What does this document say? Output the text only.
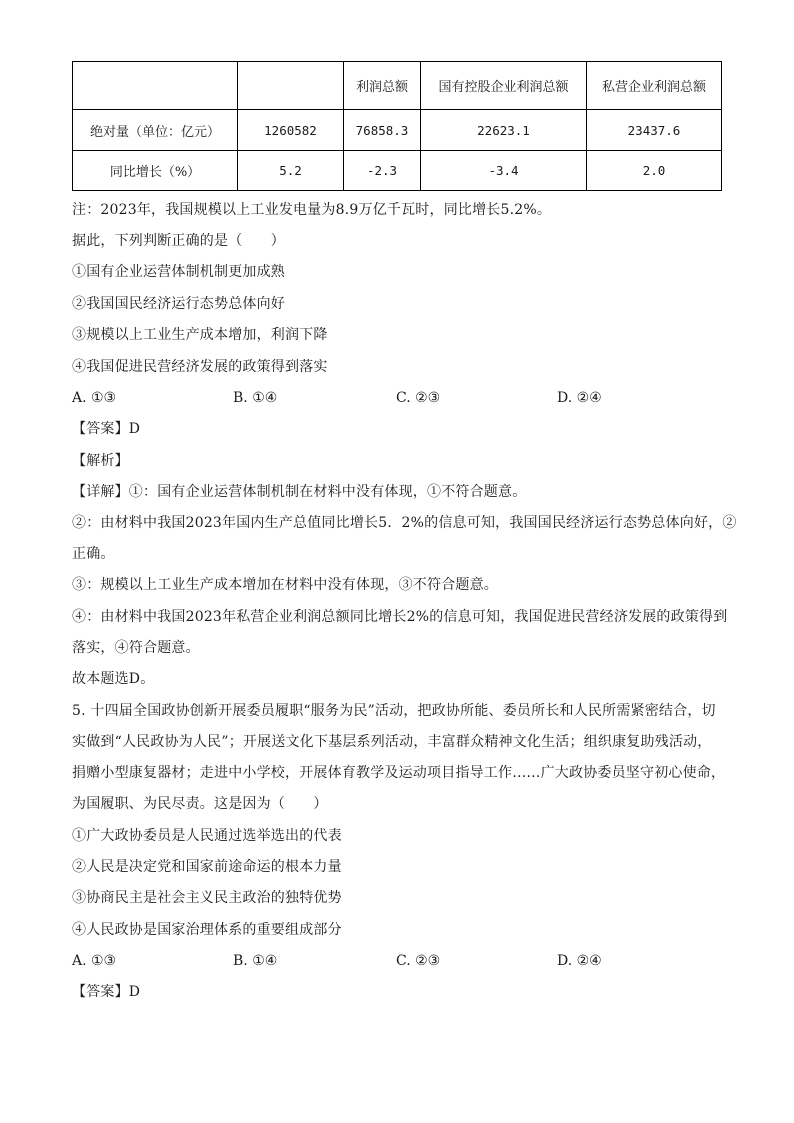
		利润总额	国有控股企业利润总额	私营企业利润总额
绝对量（单位：亿元）	1260582	76858.3	22623.1	23437.6
同比增长（%）	5.2	-2.3	-3.4	2.0
注：2023年，我国规模以上工业发电量为8.9万亿千瓦时，同比增长5.2%。
据此，下列判断正确的是（　　）
①国有企业运营体制机制更加成熟
②我国国民经济运行态势总体向好
③规模以上工业生产成本增加，利润下降
④我国促进民营经济发展的政策得到落实
A. ①③	B. ①④	C. ②③	D. ②④
【答案】D
【解析】
【详解】①：国有企业运营体制机制在材料中没有体现，①不符合题意。
②：由材料中我国2023年国内生产总值同比增长5．2%的信息可知，我国国民经济运行态势总体向好，②
正确。
③：规模以上工业生产成本增加在材料中没有体现，③不符合题意。
④：由材料中我国2023年私营企业利润总额同比增长2%的信息可知，我国促进民营经济发展的政策得到
落实，④符合题意。
故本题选D。
5. 十四届全国政协创新开展委员履职“服务为民”活动，把政协所能、委员所长和人民所需紧密结合，切
实做到“人民政协为人民”；开展送文化下基层系列活动，丰富群众精神文化生活；组织康复助残活动，
捐赠小型康复器材；走进中小学校，开展体育教学及运动项目指导工作……广大政协委员坚守初心使命，
为国履职、为民尽责。这是因为（　　）
①广大政协委员是人民通过选举选出的代表
②人民是决定党和国家前途命运的根本力量
③协商民主是社会主义民主政治的独特优势
④人民政协是国家治理体系的重要组成部分
A. ①③	B. ①④	C. ②③	D. ②④
【答案】D
